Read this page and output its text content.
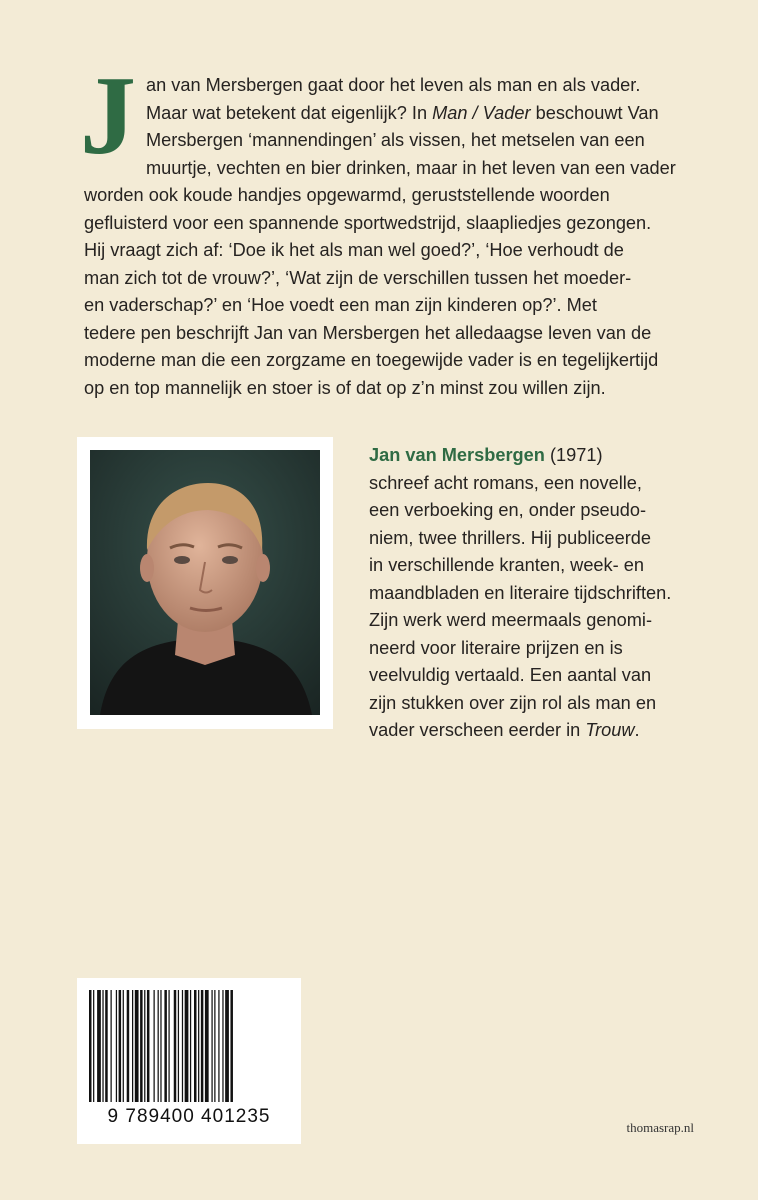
J an van Mersbergen gaat door het leven als man en als vader.
Maar wat betekent dat eigenlijk? In Man / Vader beschouwt Van
Mersbergen ‘mannendingen’ als vissen, het metselen van een
muurtje, vechten en bier drinken, maar in het leven van een vader
worden ook koude handjes opgewarmd, geruststellende woorden
gefluisterd voor een spannende sportwedstrijd, slaapliedjes gezongen.
Hij vraagt zich af: ‘Doe ik het als man wel goed?’, ‘Hoe verhoudt de
man zich tot de vrouw?’, ‘Wat zijn de verschillen tussen het moeder-
en vaderschap?’ en ‘Hoe voedt een man zijn kinderen op?’. Met
tedere pen beschrijft Jan van Mersbergen het alledaagse leven van de
moderne man die een zorgzame en toegewijde vader is en tegelijkertijd
op en top mannelijk en stoer is of dat op z’n minst zou willen zijn.
Jan van Mersbergen (1971)
schreef acht romans, een novelle,
een verboeking en, onder pseudo-
niem, twee thrillers. Hij publiceerde
in verschillende kranten, week- en
maandbladen en literaire tijdschriften.
Zijn werk werd meermaals genomi-
neerd voor literaire prijzen en is
veelvuldig vertaald. Een aantal van
zijn stukken over zijn rol als man en
vader verscheen eerder in Trouw.
9 789400 401235
thomasrap.nl
